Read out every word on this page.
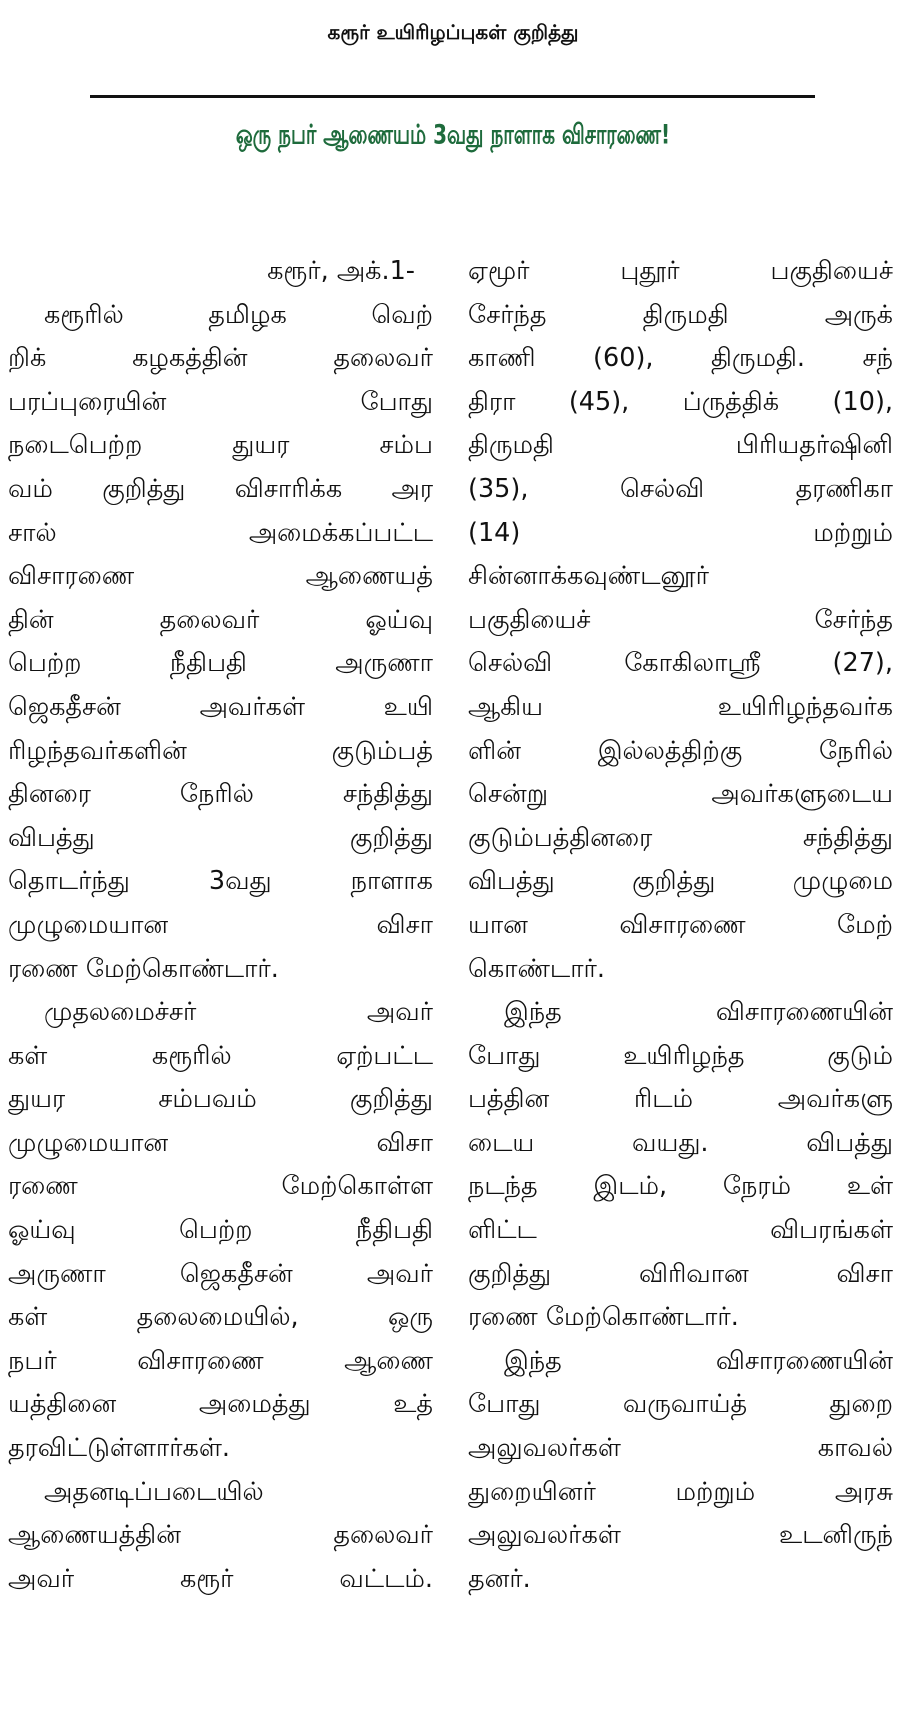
கரூர் உயிரிழப்புகள் குறித்து
ஒரு நபர் ஆணையம் 3வது நாளாக விசாரணை!
கரூர், அக்.1-
கரூரில் தமிழக வெற்
றிக் கழகத்தின் தலைவர்
பரப்புரையின் போது
நடைபெற்ற துயர சம்ப
வம் குறித்து விசாரிக்க அர
சால் அமைக்கப்பட்ட
விசாரணை ஆணையத்
தின் தலைவர் ஓய்வு
பெற்ற நீதிபதி அருணா
ஜெகதீசன் அவர்கள் உயி
ரிழந்தவர்களின் குடும்பத்
தினரை நேரில் சந்தித்து
விபத்து குறித்து
தொடர்ந்து 3வது நாளாக
முழுமையான விசா
ரணை மேற்கொண்டார்.
முதலமைச்சர் அவர்
கள் கரூரில் ஏற்பட்ட
துயர சம்பவம் குறித்து
முழுமையான விசா
ரணை மேற்கொள்ள
ஓய்வு பெற்ற நீதிபதி
அருணா ஜெகதீசன் அவர்
கள் தலைமையில், ஒரு
நபர் விசாரணை ஆணை
யத்தினை அமைத்து உத்
தரவிட்டுள்ளார்கள்.
அதனடிப்படையில்
ஆணையத்தின் தலைவர்
அவர் கரூர் வட்டம்.
ஏமூர் புதூர் பகுதியைச்
சேர்ந்த திருமதி அருக்
காணி (60), திருமதி. சந்
திரா (45), ப்ருத்திக் (10),
திருமதி பிரியதர்ஷினி
(35), செல்வி தரணிகா
(14) மற்றும்
சின்னாக்கவுண்டனூர்
பகுதியைச் சேர்ந்த
செல்வி கோகிலாஸ்ரீ (27),
ஆகிய உயிரிழந்தவர்க
ளின் இல்லத்திற்கு நேரில்
சென்று அவர்களுடைய
குடும்பத்தினரை சந்தித்து
விபத்து குறித்து முழுமை
யான விசாரணை மேற்
கொண்டார்.
இந்த விசாரணையின்
போது உயிரிழந்த குடும்
பத்தின ரிடம் அவர்களு
டைய வயது. விபத்து
நடந்த இடம், நேரம் உள்
ளிட்ட விபரங்கள்
குறித்து விரிவான விசா
ரணை மேற்கொண்டார்.
இந்த விசாரணையின்
போது வருவாய்த் துறை
அலுவலர்கள் காவல்
துறையினர் மற்றும் அரசு
அலுவலர்கள் உடனிருந்
தனர்.
